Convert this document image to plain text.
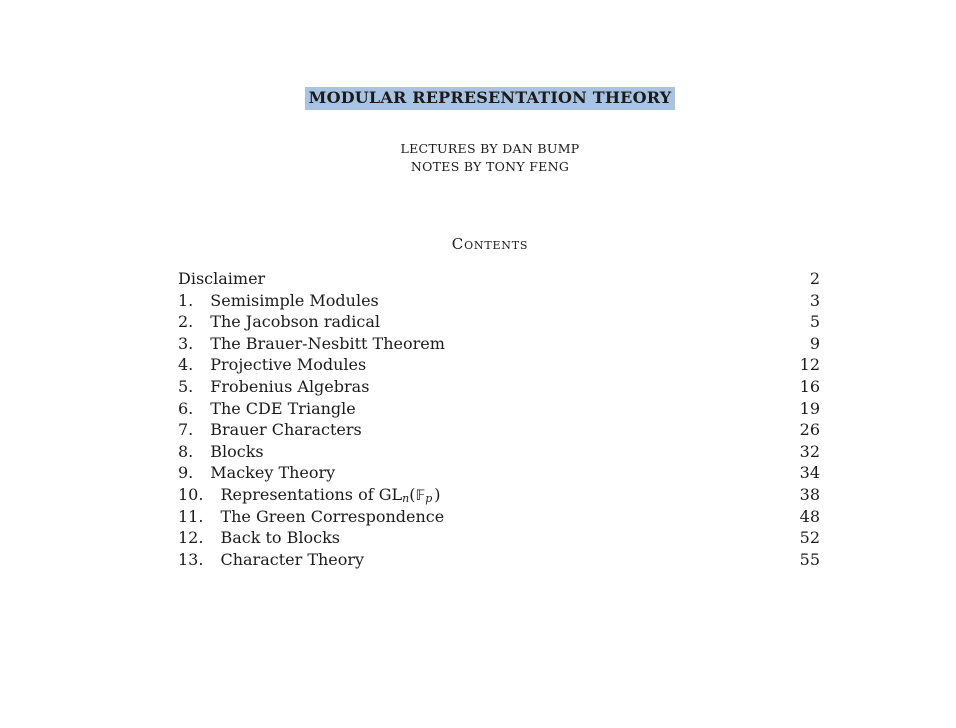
MODULAR REPRESENTATION THEORY
LECTURES BY DAN BUMP
NOTES BY TONY FENG
Contents
Disclaimer	2
1. Semisimple Modules	3
2. The Jacobson radical	5
3. The Brauer-Nesbitt Theorem	9
4. Projective Modules	12
5. Frobenius Algebras	16
6. The CDE Triangle	19
7. Brauer Characters	26
8. Blocks	32
9. Mackey Theory	34
10. Representations of $GL_n(𝔽_p$ )	38
11. The Green Correspondence	48
12. Back to Blocks	52
13. Character Theory	55
